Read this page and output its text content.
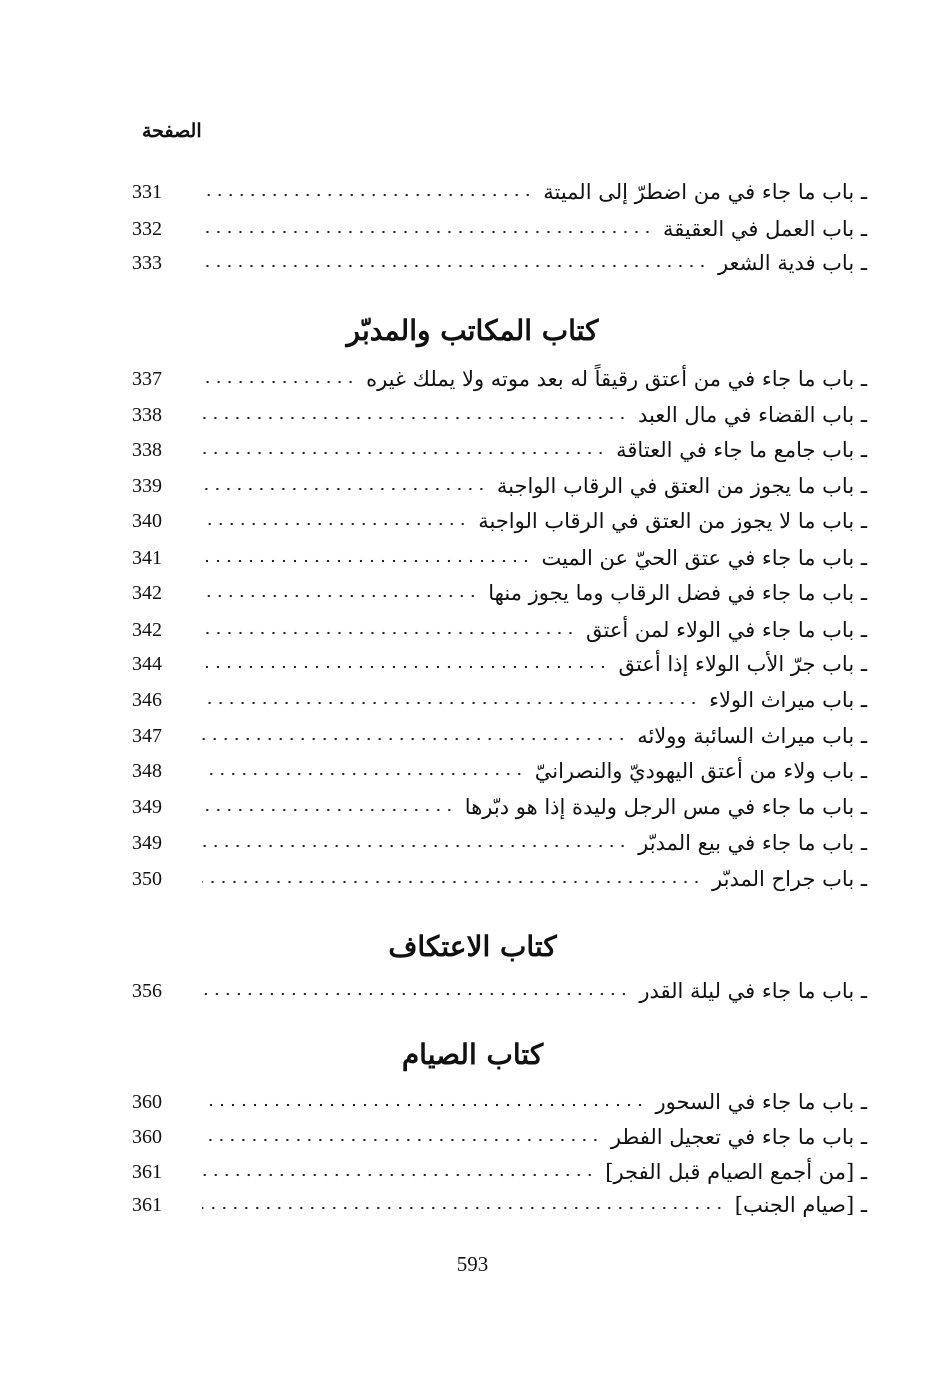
الصفحة
ـ باب ما جاء في من اضطرّ إلى الميتة
331
ـ باب العمل في العقيقة
332
ـ باب فدية الشعر
333
كتاب المكاتب والمدبّر
ـ باب ما جاء في من أعتق رقيقاً له بعد موته ولا يملك غيره
337
ـ باب القضاء في مال العبد
338
ـ باب جامع ما جاء في العتاقة
338
ـ باب ما يجوز من العتق في الرقاب الواجبة
339
ـ باب ما لا يجوز من العتق في الرقاب الواجبة
340
ـ باب ما جاء في عتق الحيّ عن الميت
341
ـ باب ما جاء في فضل الرقاب وما يجوز منها
342
ـ باب ما جاء في الولاء لمن أعتق
342
ـ باب جرّ الأب الولاء إذا أعتق
344
ـ باب ميراث الولاء
346
ـ باب ميراث السائبة وولائه
347
ـ باب ولاء من أعتق اليهوديّ والنصرانيّ
348
ـ باب ما جاء في مس الرجل وليدة إذا هو دبّرها
349
ـ باب ما جاء في بيع المدبّر
349
ـ باب جراح المدبّر
350
كتاب الاعتكاف
ـ باب ما جاء في ليلة القدر
356
كتاب الصيام
ـ باب ما جاء في السحور
360
ـ باب ما جاء في تعجيل الفطر
360
ـ [من أجمع الصيام قبل الفجر]
361
ـ [صيام الجنب]
361
593
